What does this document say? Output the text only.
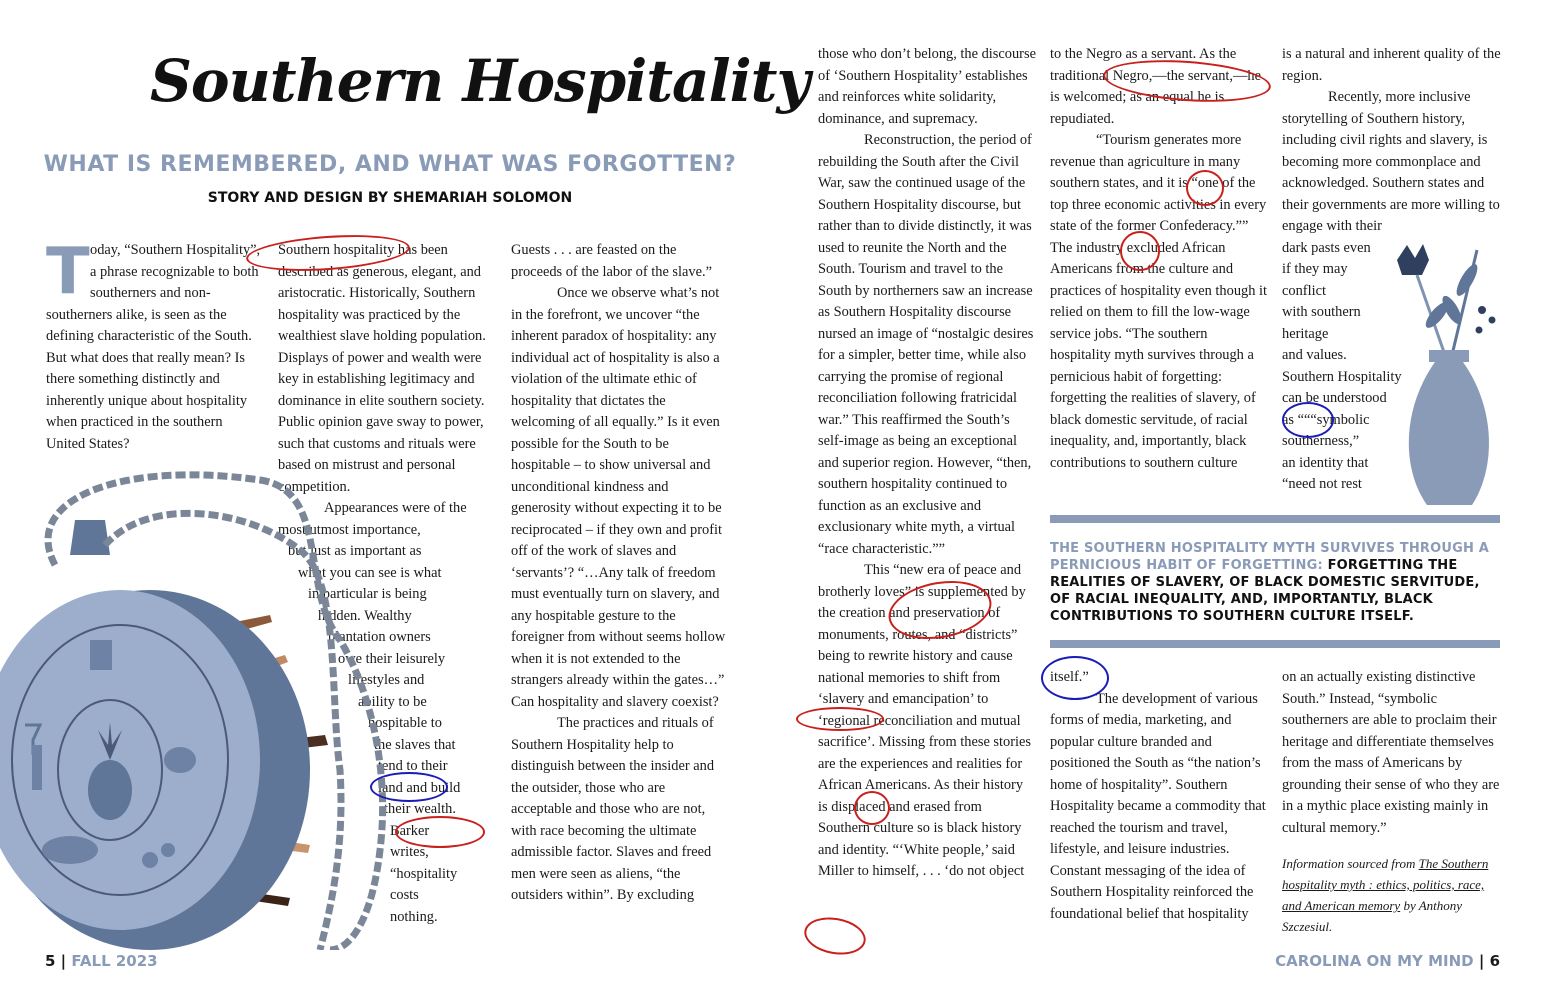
Southern Hospitality
WHAT IS REMEMBERED, AND WHAT WAS FORGOTTEN?
STORY AND DESIGN BY SHEMARIAH SOLOMON
T oday, “Southern Hospitality”, a phrase recognizable to both southerners and non-southerners alike, is seen as the defining characteristic of the South. But what does that really mean? Is there something distinctly and inherently unique about hospitality when practiced in the southern United States?

Southern hospitality has been described as generous, elegant, and aristocratic. Historically, Southern hospitality was practiced by the wealthiest slave holding population. Displays of power and wealth were key in establishing legitimacy and dominance in elite southern society. Public opinion gave sway to power, such that customs and rituals were based on mistrust and personal competition.

Appearances were of the
most utmost importance,
but just as important as
what you can see is what
in particular is being
hidden. Wealthy
plantation owners
owe their leisurely
lifestyles and
ability to be
hospitable to
the slaves that
tend to their
land and build
their wealth.
Barker
writes,
“hospitality
costs
nothing.

Guests . . . are feasted on the proceeds of the labor of the slave.”

Once we observe what’s not in the forefront, we uncover “the inherent paradox of hospitality: any individual act of hospitality is also a violation of the ultimate ethic of hospitality that dictates the welcoming of all equally.” Is it even possible for the South to be hospitable – to show universal and unconditional kindness and generosity without expecting it to be reciprocated – if they own and profit off of the work of slaves and ‘servants’? “…Any talk of freedom must eventually turn on slavery, and any hospitable gesture to the foreigner from without seems hollow when it is not extended to the strangers already within the gates…” Can hospitality and slavery coexist?

The practices and rituals of Southern Hospitality help to distinguish between the insider and the outsider, those who are acceptable and those who are not, with race becoming the ultimate admissible factor. Slaves and freed men were seen as aliens, “the outsiders within”. By excluding

5 | FALL 2023

those who don’t belong, the discourse of ‘Southern Hospitality’ establishes and reinforces white solidarity, dominance, and supremacy.

Reconstruction, the period of rebuilding the South after the Civil War, saw the continued usage of the Southern Hospitality discourse, but rather than to divide distinctly, it was used to reunite the North and the South. Tourism and travel to the South by northerners saw an increase as Southern Hospitality discourse nursed an image of “nostalgic desires for a simpler, better time, while also carrying the promise of regional reconciliation following fratricidal war.” This reaffirmed the South’s self-image as being an exceptional and superior region. However, “then, southern hospitality continued to function as an exclusive and exclusionary white myth, a virtual “race characteristic.””

This “new era of peace and brotherly loves” is supplemented by the creation and preservation of monuments, routes, and “districts” being to rewrite history and cause national memories to shift from ‘slavery and emancipation’ to ‘regional reconciliation and mutual sacrifice’. Missing from these stories are the experiences and realities for African Americans. As their history is displaced and erased from Southern culture so is black history and identity. “‘White people,’ said Miller to himself, . . . ‘do not object

to the Negro as a servant. As the traditional Negro,—the servant,—he is welcomed; as an equal he is repudiated.

“Tourism generates more revenue than agriculture in many southern states, and it is “one of the top three economic activities in every state of the former Confederacy.”” The industry excluded African Americans from the culture and practices of hospitality even though it relied on them to fill the low-wage service jobs. “The southern hospitality myth survives through a pernicious habit of forgetting: forgetting the realities of slavery, of black domestic servitude, of racial inequality, and, importantly, black contributions to southern culture

is a natural and inherent quality of the region.

Recently, more inclusive storytelling of Southern history, including civil rights and slavery, is becoming more commonplace and acknowledged. Southern states and their governments are more willing to engage with their

dark pasts even
if they may
conflict
with southern
heritage
and values.
Southern Hospitality
can be understood
as “““symbolic
southerness,”
an identity that
“need not rest
THE SOUTHERN HOSPITALITY MYTH SURVIVES THROUGH A PERNICIOUS HABIT OF FORGETTING: FORGETTING THE REALITIES OF SLAVERY, OF BLACK DOMESTIC SERVITUDE, OF RACIAL INEQUALITY, AND, IMPORTANTLY, BLACK CONTRIBUTIONS TO SOUTHERN CULTURE ITSELF.

itself.”

The development of various forms of media, marketing, and popular culture branded and positioned the South as “the nation’s home of hospitality”. Southern Hospitality became a commodity that reached the tourism and travel, lifestyle, and leisure industries. Constant messaging of the idea of Southern Hospitality reinforced the foundational belief that hospitality

on an actually existing distinctive South.” Instead, “symbolic southerners are able to proclaim their heritage and differentiate themselves from the mass of Americans by grounding their sense of who they are in a mythic place existing mainly in cultural memory.”

Information sourced from The Southern hospitality myth : ethics, politics, race, and American memory by Anthony Szczesiul.

CAROLINA ON MY MIND | 6
